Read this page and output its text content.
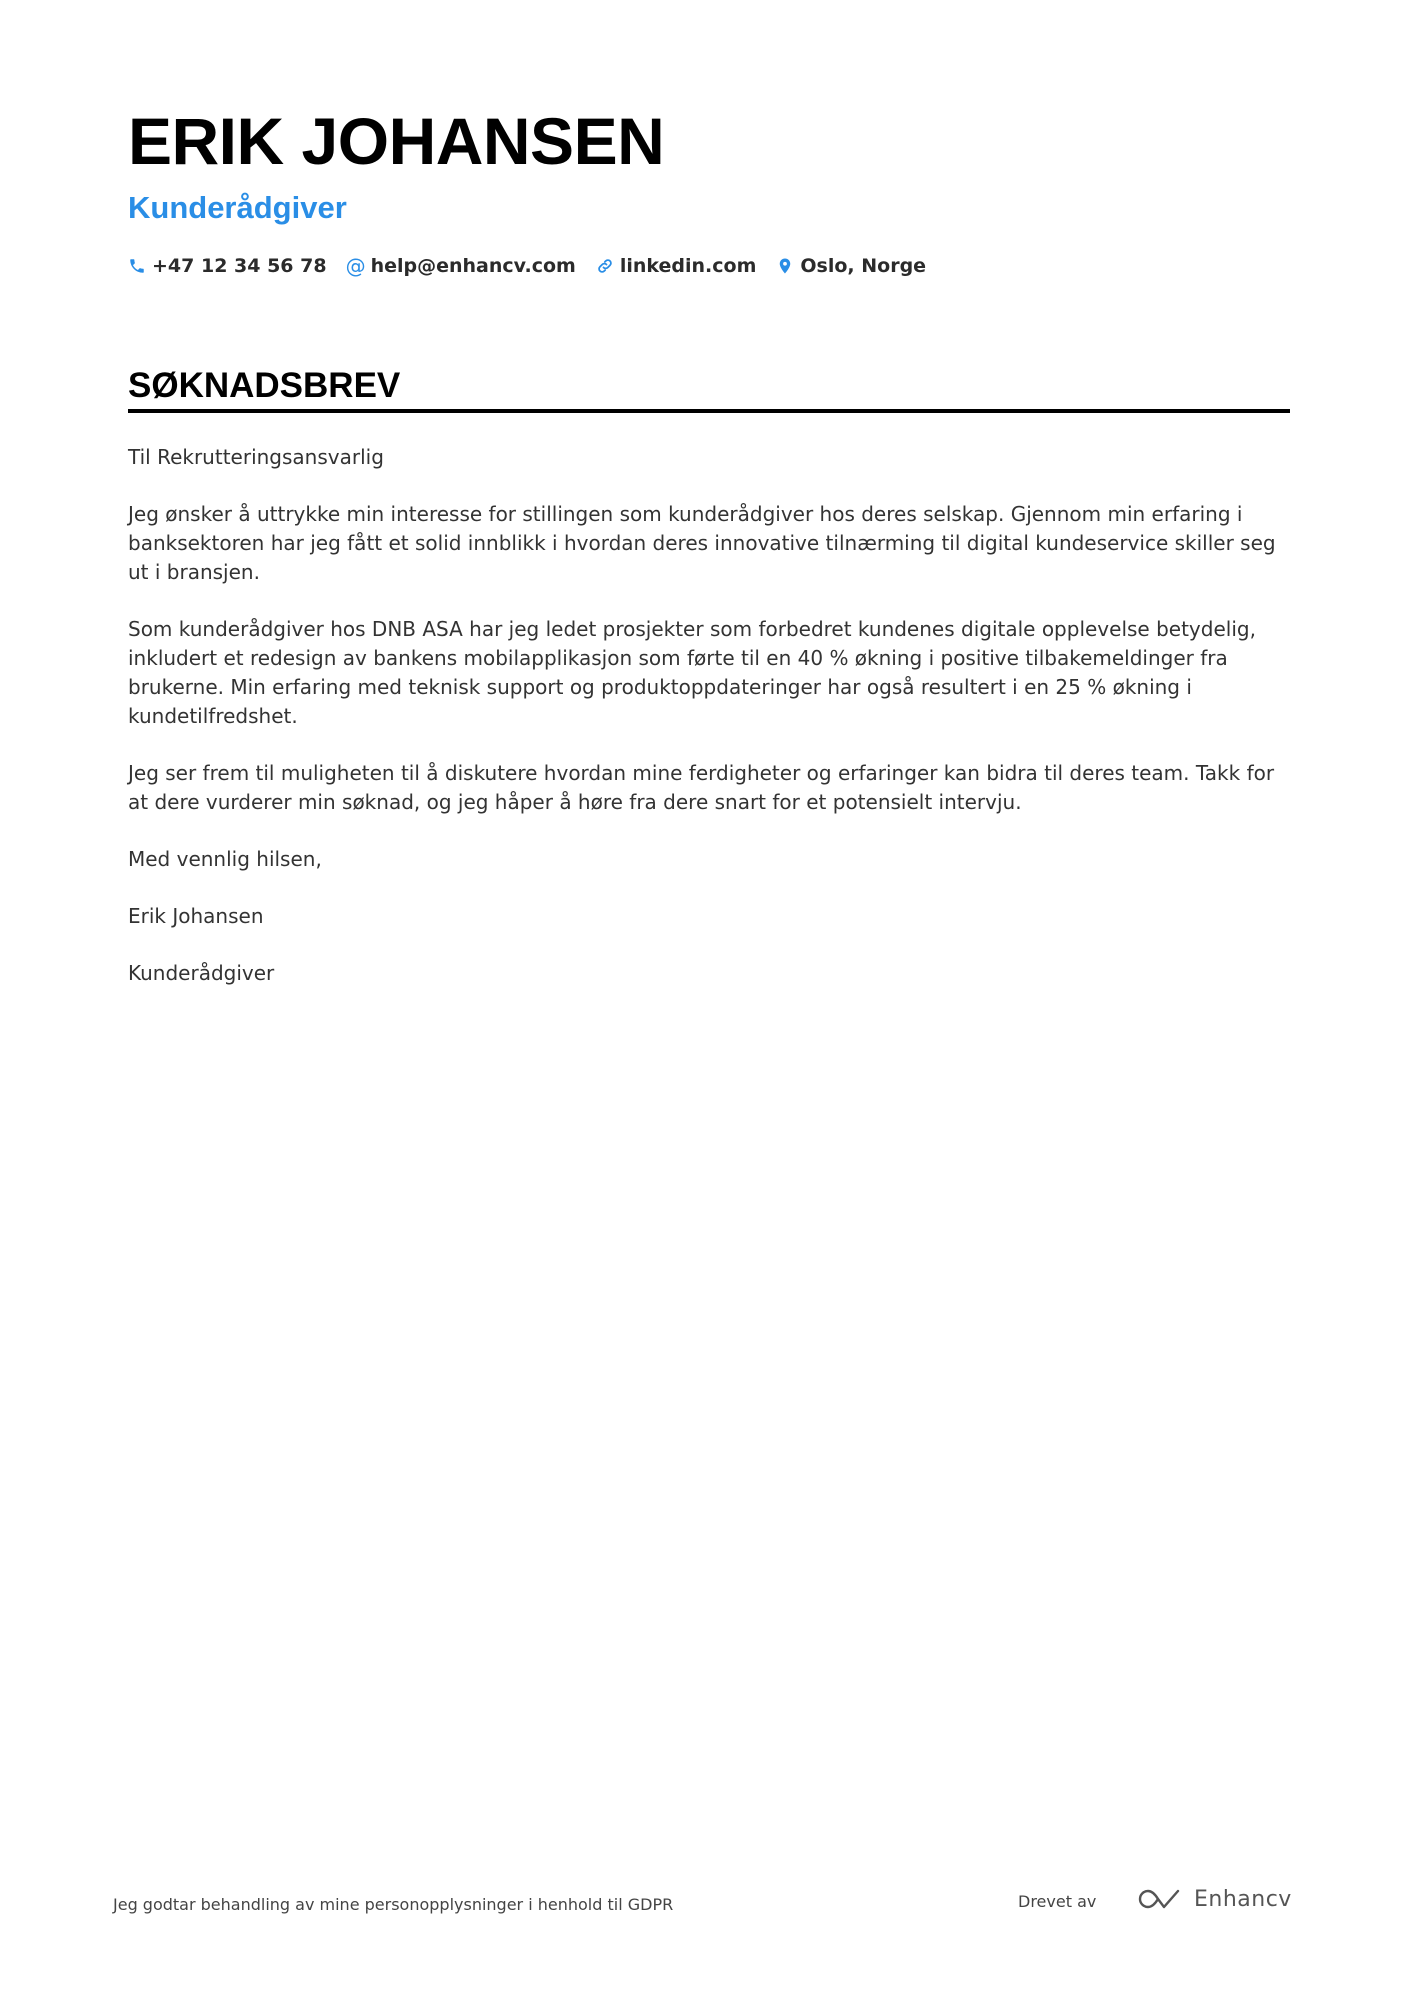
ERIK JOHANSEN
Kunderådgiver
+47 12 34 56 78 @ help@enhancv.com linkedin.com Oslo, Norge
SØKNADSBREV

Til Rekrutteringsansvarlig

Jeg ønsker å uttrykke min interesse for stillingen som kunderådgiver hos deres selskap. Gjennom min erfaring i banksektoren har jeg fått et solid innblikk i hvordan deres innovative tilnærming til digital kundeservice skiller seg ut i bransjen.

Som kunderådgiver hos DNB ASA har jeg ledet prosjekter som forbedret kundenes digitale opplevelse betydelig, inkludert et redesign av bankens mobilapplikasjon som førte til en 40 % økning i positive tilbakemeldinger fra brukerne. Min erfaring med teknisk support og produktoppdateringer har også resultert i en 25 % økning i kundetilfredshet.

Jeg ser frem til muligheten til å diskutere hvordan mine ferdigheter og erfaringer kan bidra til deres team. Takk for at dere vurderer min søknad, og jeg håper å høre fra dere snart for et potensielt intervju.

Med vennlig hilsen,

Erik Johansen

Kunderådgiver

Jeg godtar behandling av mine personopplysninger i henhold til GDPR	Drevet av	Enhancv
